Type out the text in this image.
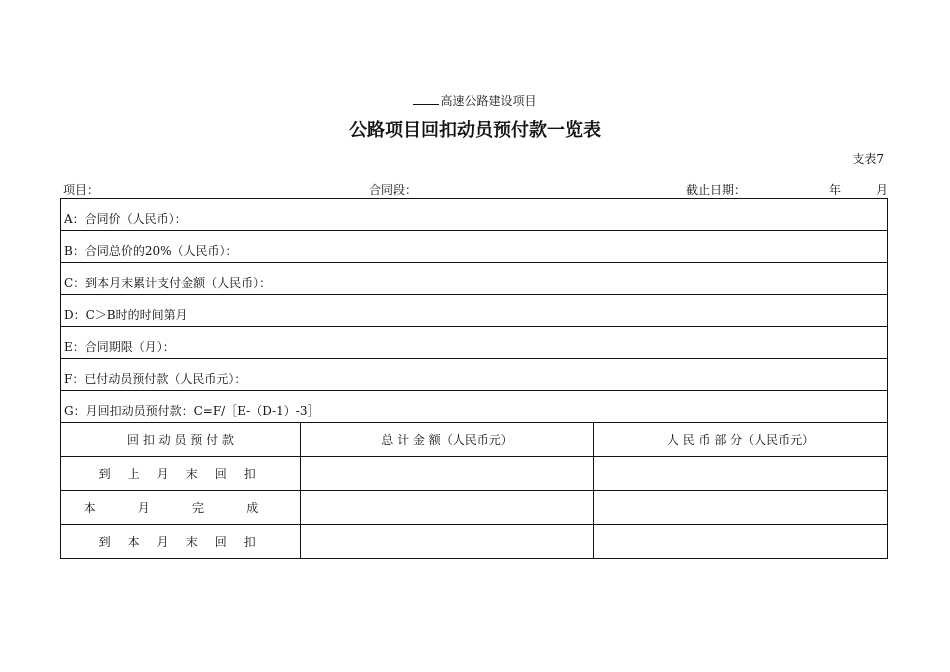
高速公路建设项目
公路项目回扣动员预付款一览表
支表7
项目：	合同段：	截止日期：	年	月
A：合同价（人民币）：		
B：合同总价的20%（人民币）：		
C：到本月末累计支付金额（人民币）：		
D：C＞B时的时间第月		
E：合同期限（月）：		
F：已付动员预付款（人民币元）：		
G：月回扣动员预付款：C=F/［E-（D-1）-3］		
回 扣 动 员 预 付 款	总 计 金 额（人民币元）	人 民 币 部 分（人民币元）
到 上 月 末 回 扣		
本 月 完 成		
到 本 月 末 回 扣		
